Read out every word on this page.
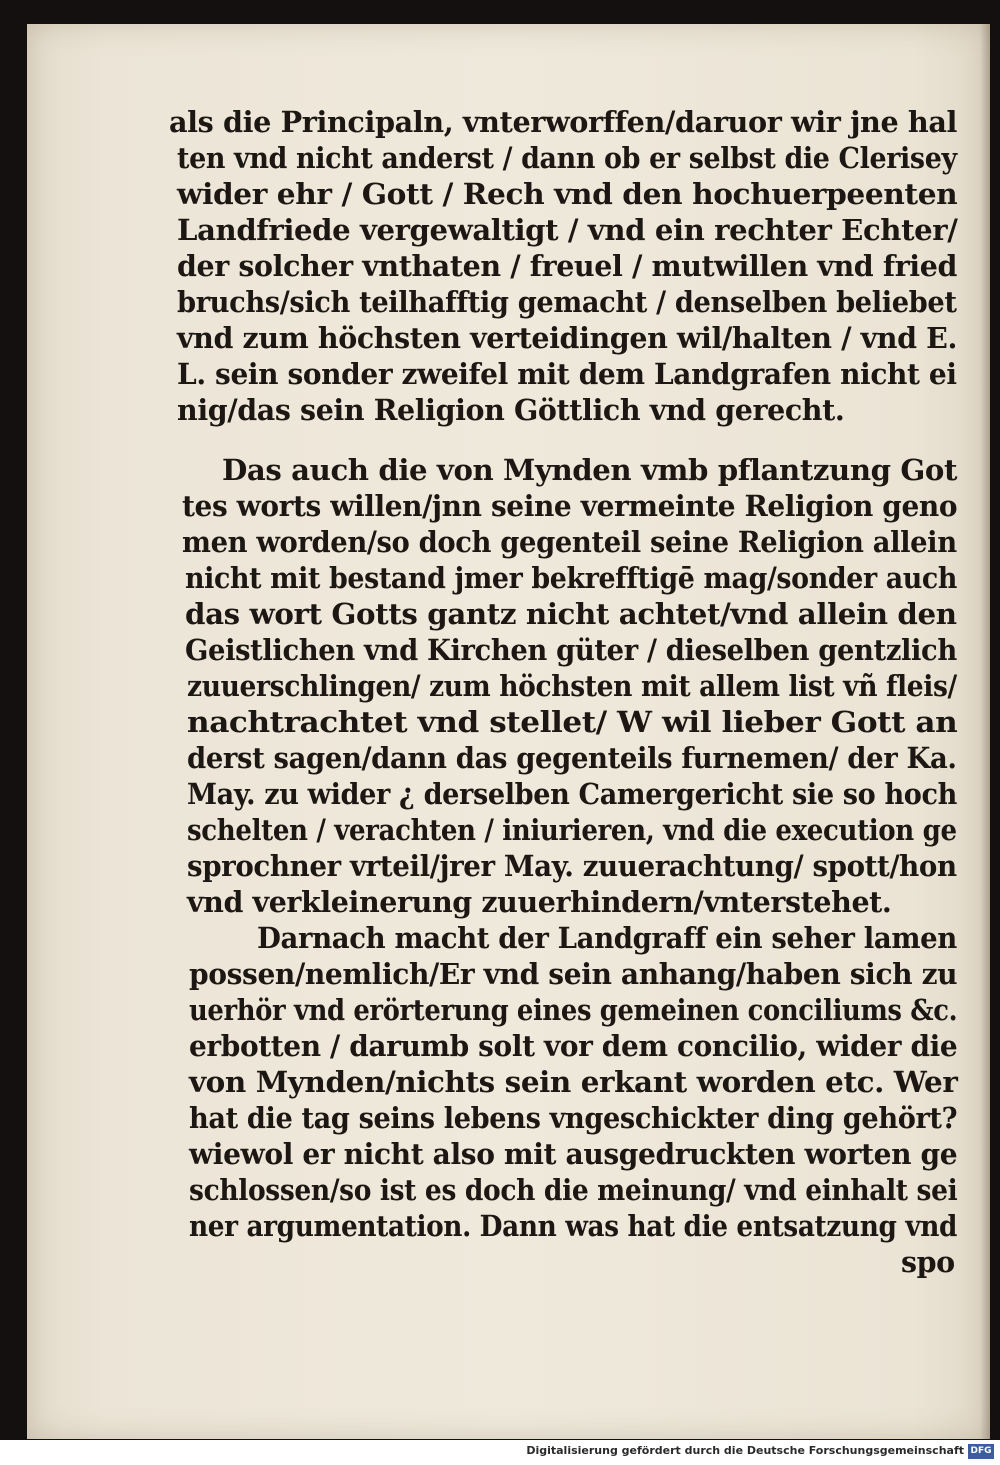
als die Principaln, vnterworffen/daruor wir jne hal

ten vnd nicht anderst / dann ob er selbst die Clerisey

wider ehr / Gott / Rech vnd den hochuerpeenten

Landfriede vergewaltigt / vnd ein rechter Echter/

der solcher vnthaten / freuel / mutwillen vnd fried

bruchs/sich teilhafftig gemacht / denselben beliebet

vnd zum höchsten verteidingen wil/halten / vnd E.

L. sein sonder zweifel mit dem Landgrafen nicht ei

nig/das sein Religion Göttlich vnd gerecht.

Das auch die von Mynden vmb pflantzung Got

tes worts willen/jnn seine vermeinte Religion geno

men worden/so doch gegenteil seine Religion allein

nicht mit bestand jmer bekrefftigē mag/sonder auch

das wort Gotts gantz nicht achtet/vnd allein den

Geistlichen vnd Kirchen güter / dieselben gentzlich

zuuerschlingen/ zum höchsten mit allem list vñ fleis/

nachtrachtet vnd stellet/ W wil lieber Gott an

derst sagen/dann das gegenteils furnemen/ der Ka.

May. zu wider ¿ derselben Camergericht sie so hoch

schelten / verachten / iniurieren, vnd die execution ge

sprochner vrteil/jrer May. zuuerachtung/ spott/hon

vnd verkleinerung zuuerhindern/vnterstehet.

Darnach macht der Landgraff ein seher lamen

possen/nemlich/Er vnd sein anhang/haben sich zu

uerhör vnd erörterung eines gemeinen conciliums &c.

erbotten / darumb solt vor dem concilio, wider die

von Mynden/nichts sein erkant worden etc. Wer

hat die tag seins lebens vngeschickter ding gehört?

wiewol er nicht also mit ausgedruckten worten ge

schlossen/so ist es doch die meinung/ vnd einhalt sei

ner argumentation. Dann was hat die entsatzung vnd

spo

Digitalisierung gefördert durch die Deutsche Forschungsgemeinschaft DFG
